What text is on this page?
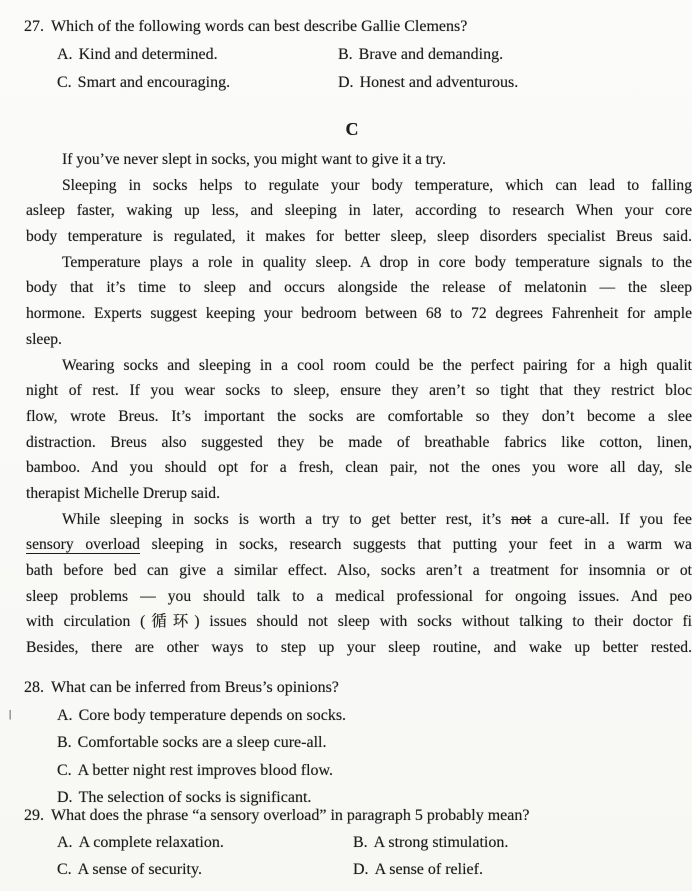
27. Which of the following words can best describe Gallie Clemens?
A. Kind and determined.	B. Brave and demanding.
C. Smart and encouraging.	D. Honest and adventurous.
C
If you’ve never slept in socks, you might want to give it a try.
Sleeping in socks helps to regulate your body temperature, which can lead to falling
asleep faster, waking up less, and sleeping in later, according to research When your core
body temperature is regulated, it makes for better sleep, sleep disorders specialist Breus said.
Temperature plays a role in quality sleep. A drop in core body temperature signals to the
body that it’s time to sleep and occurs alongside the release of melatonin — the sleep
hormone. Experts suggest keeping your bedroom between 68 to 72 degrees Fahrenheit for ample
sleep.
Wearing socks and sleeping in a cool room could be the perfect pairing for a high qualit
night of rest. If you wear socks to sleep, ensure they aren’t so tight that they restrict bloc
flow, wrote Breus. It’s important the socks are comfortable so they don’t become a slee
distraction. Breus also suggested they be made of breathable fabrics like cotton, linen,
bamboo. And you should opt for a fresh, clean pair, not the ones you wore all day, sle
therapist Michelle Drerup said.
While sleeping in socks is worth a try to get better rest, it’s not a cure-all. If you fee
sensory overload sleeping in socks, research suggests that putting your feet in a warm wa
bath before bed can give a similar effect. Also, socks aren’t a treatment for insomnia or ot
sleep problems — you should talk to a medical professional for ongoing issues. And peo
with circulation (循环) issues should not sleep with socks without talking to their doctor fi
Besides, there are other ways to step up your sleep routine, and wake up better rested.
28. What can be inferred from Breus’s opinions?
|	A. Core body temperature depends on socks.
B. Comfortable socks are a sleep cure-all.
C. A better night rest improves blood flow.
D. The selection of socks is significant.
29. What does the phrase “a sensory overload” in paragraph 5 probably mean?
A. A complete relaxation.	B. A strong stimulation.
C. A sense of security.	D. A sense of relief.
